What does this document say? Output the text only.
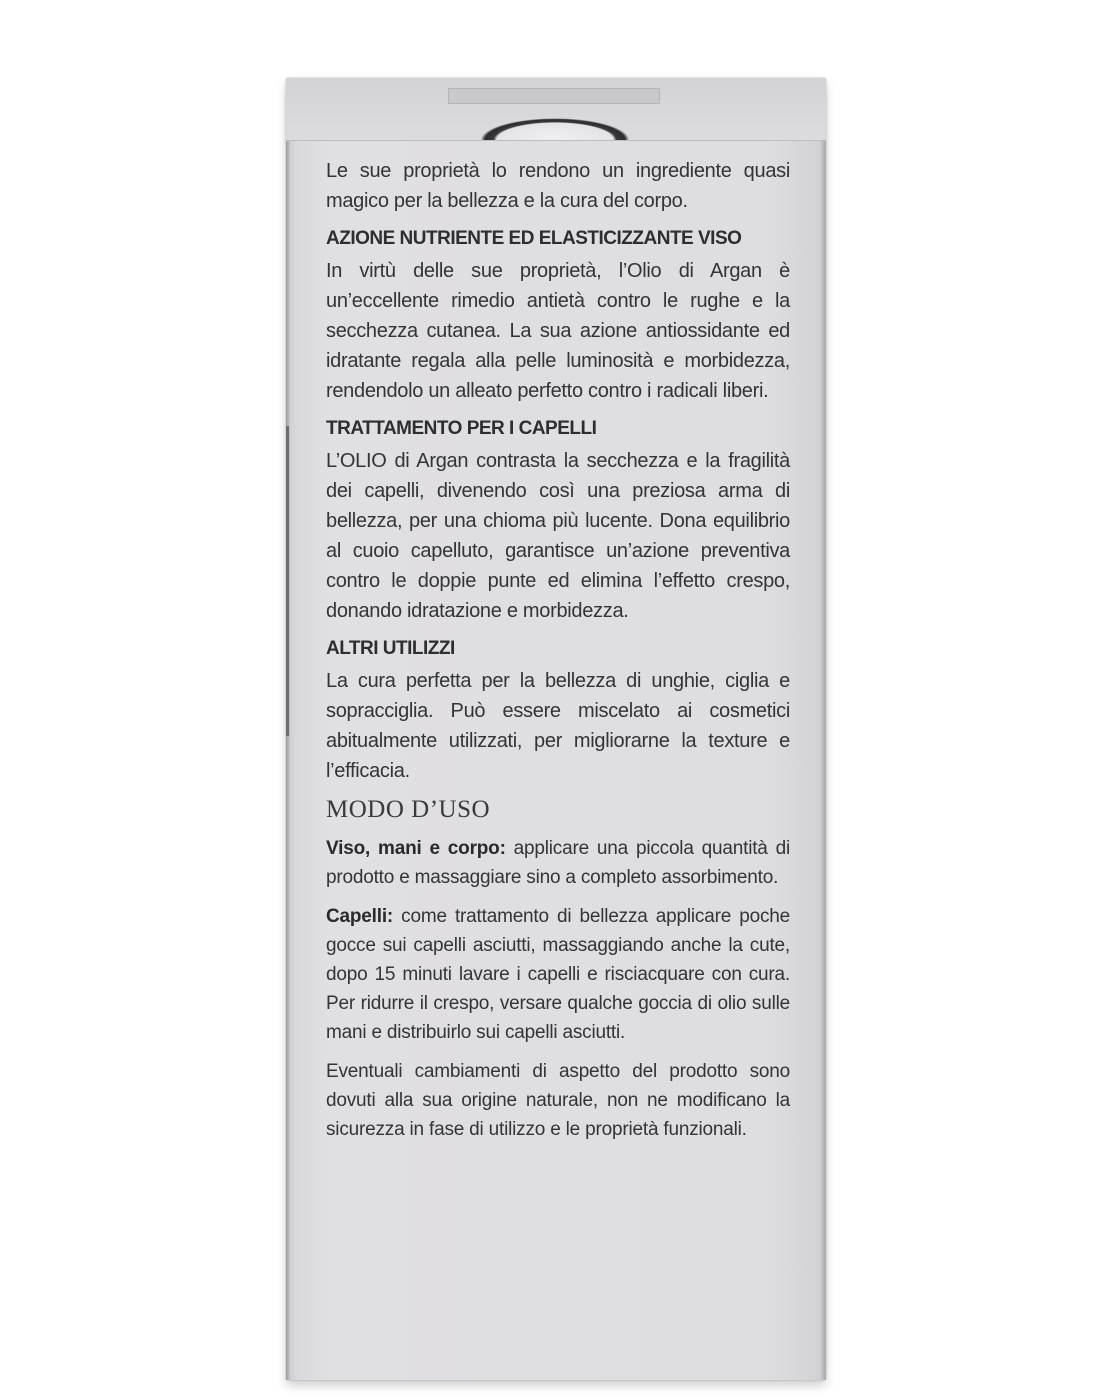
Le sue proprietà lo rendono un ingrediente quasi magico per la bellezza e la cura del corpo.

AZIONE NUTRIENTE ED ELASTICIZZANTE VISO

In virtù delle sue proprietà, l’Olio di Argan è un’eccellente rimedio antietà contro le rughe e la secchezza cutanea. La sua azione antiossidante ed idratante regala alla pelle luminosità e morbidezza, rendendolo un alleato perfetto contro i radicali liberi.

TRATTAMENTO PER I CAPELLI

L’OLIO di Argan contrasta la secchezza e la fragilità dei capelli, divenendo così una preziosa arma di bellezza, per una chioma più lucente. Dona equilibrio al cuoio capelluto, garantisce un’azione preventiva contro le doppie punte ed elimina l’effetto crespo, donando idratazione e morbidezza.

ALTRI UTILIZZI

La cura perfetta per la bellezza di unghie, ciglia e sopracciglia. Può essere miscelato ai cosmetici abitualmente utilizzati, per migliorarne la texture e l’efficacia.

MODO D’USO

Viso, mani e corpo: applicare una piccola quantità di prodotto e massaggiare sino a completo assorbimento.

Capelli: come trattamento di bellezza applicare poche gocce sui capelli asciutti, massaggiando anche la cute, dopo 15 minuti lavare i capelli e risciacquare con cura. Per ridurre il crespo, versare qualche goccia di olio sulle mani e distribuirlo sui capelli asciutti.

Eventuali cambiamenti di aspetto del prodotto sono dovuti alla sua origine naturale, non ne modificano la sicurezza in fase di utilizzo e le proprietà funzionali.
